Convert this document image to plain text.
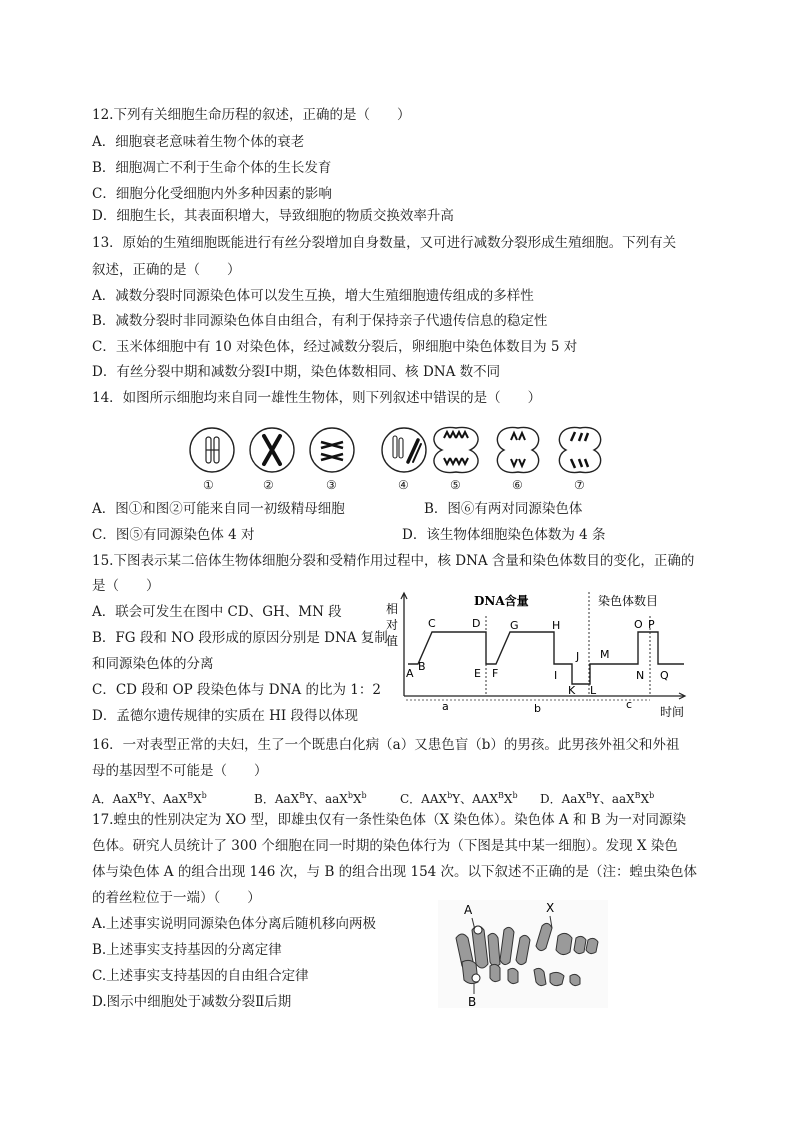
12.下列有关细胞生命历程的叙述，正确的是（　　）
A．细胞衰老意味着生物个体的衰老
B．细胞凋亡不利于生命个体的生长发育
C．细胞分化受细胞内外多种因素的影响
D．细胞生长，其表面积增大，导致细胞的物质交换效率升高
13．原始的生殖细胞既能进行有丝分裂增加自身数量，又可进行减数分裂形成生殖细胞。下列有关
叙述，正确的是（　　）
A．减数分裂时同源染色体可以发生互换，增大生殖细胞遗传组成的多样性
B．减数分裂时非同源染色体自由组合，有利于保持亲子代遗传信息的稳定性
C．玉米体细胞中有 10 对染色体，经过减数分裂后，卵细胞中染色体数目为 5 对
D．有丝分裂中期和减数分裂Ⅰ中期，染色体数相同、核 DNA 数不同
14．如图所示细胞均来自同一雄性生物体，则下列叙述中错误的是（　　）
①	②	③	④	⑤	⑥	⑦
A．图①和图②可能来自同一初级精母细胞	B．图⑥有两对同源染色体
C．图⑤有同源染色体 4 对	D．该生物体细胞染色体数为 4 条
15.下图表示某二倍体生物体细胞分裂和受精作用过程中，核 DNA 含量和染色体数目的变化，正确的
是（　　）
A．联会可发生在图中 CD、GH、MN 段
B．FG 段和 NO 段形成的原因分别是 DNA 复制
和同源染色体的分离
C．CD 段和 OP 段染色体与 DNA 的比为 1：2
D．孟德尔遗传规律的实质在 HI 段得以体现
相
对
值
DNA含量	染色体数目
A
B
C	D
E F
G	H
I
J
K L
M
N
O P
Q
a	b	c
时间
16．一对表型正常的夫妇，生了一个既患白化病（a）又患色盲（b）的男孩。此男孩外祖父和外祖
母的基因型不可能是（　　）
A．AaX$^B$Y、$AaX^BX^b$	B．AaX$^B$Y、$aaX^bX^b$	C．AAX$^b$Y、$AAX^BX^b$ D．AaX$^B$Y、$aaX^BX^b$
17.蝗虫的性别决定为 XO 型，即雄虫仅有一条性染色体（X 染色体）。染色体 A 和 B 为一对同源染
色体。研究人员统计了 300 个细胞在同一时期的染色体行为（下图是其中某一细胞）。发现 X 染色
体与染色体 A 的组合出现 146 次，与 B 的组合出现 154 次。以下叙述不正确的是（注：蝗虫染色体
的着丝粒位于一端）（　　）
A.上述事实说明同源染色体分离后随机移向两极
B.上述事实支持基因的分离定律
C.上述事实支持基因的自由组合定律
D.图示中细胞处于减数分裂Ⅱ后期
A	X
B
